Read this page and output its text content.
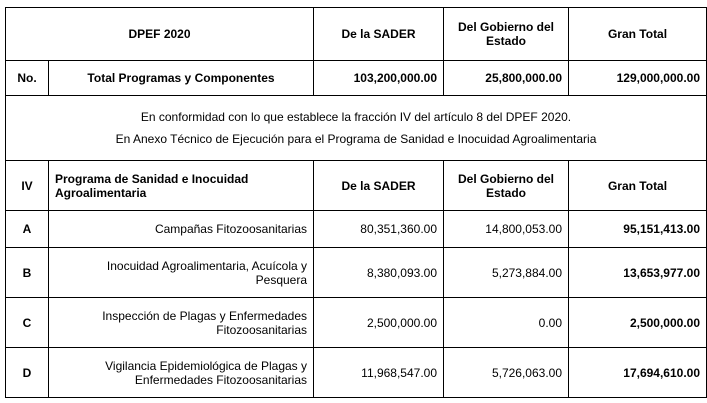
DPEF 2020		De la SADER	Del Gobierno del Estado	Gran Total
No.	Total Programas y Componentes	103,200,000.00	25,800,000.00	129,000,000.00

En conformidad con lo que establece la fracción IV del artículo 8 del DPEF 2020.
En Anexo Técnico de Ejecución para el Programa de Sanidad e Inocuidad Agroalimentaria				

IV	Programa de Sanidad e Inocuidad Agroalimentaria	De la SADER	Del Gobierno del Estado	Gran Total
A	Campañas Fitozoosanitarias	80,351,360.00	14,800,053.00	95,151,413.00
B	Inocuidad Agroalimentaria, Acuícola y Pesquera	8,380,093.00	5,273,884.00	13,653,977.00
C	Inspección de Plagas y Enfermedades Fitozoosanitarias	2,500,000.00	0.00	2,500,000.00
D	Vigilancia Epidemiológica de Plagas y Enfermedades Fitozoosanitarias	11,968,547.00	5,726,063.00	17,694,610.00
